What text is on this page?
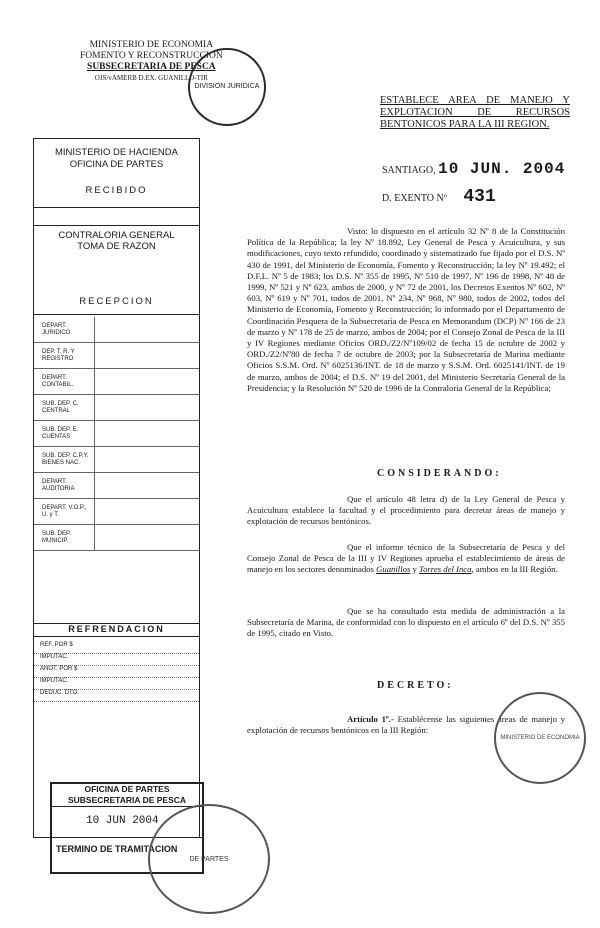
MINISTERIO DE ECONOMIA
FOMENTO Y RECONSTRUCCION
SUBSECRETARIA DE PESCA
OJS/vAMERB D.EX. GUANILLO-TIR
DIVISION JURIDICA
ESTABLECE AREA DE MANEJO Y EXPLOTACION DE RECURSOS BENTONICOS PARA LA III REGION.
SANTIAGO, 10 JUN. 2004
D. EXENTO Nº 431
MINISTERIO DE HACIENDA
OFICINA DE PARTES
RECIBIDO
CONTRALORIA GENERAL
TOMA DE RAZON
RECEPCION
DEPART. JURIDICO
DEP. T. R. Y REGISTRO
DEPART. CONTABIL.
SUB. DEP. C. CENTRAL
SUB. DEP. E. CUENTAS
SUB. DEP. C.P.Y. BIENES NAC.
DEPART. AUDITORIA
DEPART. V.O.P., U. y T.
SUB. DEP. MUNICIP.
REFRENDACION
REF. POR $
IMPUTAC.
ANOT. POR $
IMPUTAC.
DEDUC. DTO.

Visto: lo dispuesto en el artículo 32 Nº 8 de la Constitución Política de la República; la ley Nº 18.892, Ley General de Pesca y Acuicultura, y sus modificaciones, cuyo texto refundido, coordinado y sistematizado fue fijado por el D.S. Nº 430 de 1991, del Ministerio de Economía, Fomento y Reconstrucción; la ley Nº 19.492; el D.F.L. Nº 5 de 1983; los D.S. Nº 355 de 1995, Nº 510 de 1997, Nº 196 de 1998, Nº 48 de 1999, Nº 521 y Nº 623, ambos de 2000, y Nº 72 de 2001, los Decretos Exentos Nº 602, Nº 603, Nº 619 y Nº 701, todos de 2001, Nº 234, Nº 968, Nº 980, todos de 2002, todos del Ministerio de Economía, Fomento y Reconstrucción; lo informado por el Departamento de Coordinación Pesquera de la Subsecretaría de Pesca en Memorandum (DCP) Nº 166 de 23 de marzo y Nº 178 de 25 de marzo, ambos de 2004; por el Consejo Zonal de Pesca de la III y IV Regiones mediante Oficios ORD./Z2/Nº109/02 de fecha 15 de octubre de 2002 y ORD./Z2/Nº80 de fecha 7 de octubre de 2003; por la Subsecretaría de Marina mediante Oficios S.S.M. Ord. Nº 6025136/INT. de 18 de marzo y S.S.M. Ord. 6025141/INT. de 19 de marzo, ambos de 2004; el D.S. Nº 19 del 2001, del Ministerio Secretaría General de la Presidencia; y la Resolución Nº 520 de 1996 de la Contraloría General de la República;

CONSIDERANDO:

Que el artículo 48 letra d) de la Ley General de Pesca y Acuicultura establece la facultad y el procedimiento para decretar áreas de manejo y explotación de recursos bentónicos.

Que el informe técnico de la Subsecretaría de Pesca y del Consejo Zonal de Pesca de la III y IV Regiones aprueba el establecimiento de áreas de manejo en los sectores denominados Guanillos y Torres del Inca, ambos en la III Región.

Que se ha consultado esta medida de administración a la Subsecretaría de Marina, de conformidad con lo dispuesto en el artículo 6º del D.S. Nº 355 de 1995, citado en Visto.

DECRETO:

Artículo 1º.- Establécense las siguientes áreas de manejo y explotación de recursos bentónicos en la III Región:

MINISTERIO DE ECONOMIA
OFICINA DE PARTES
SUBSECRETARIA DE PESCA
10 JUN 2004
TERMINO DE TRAMITACION
DE PARTES
